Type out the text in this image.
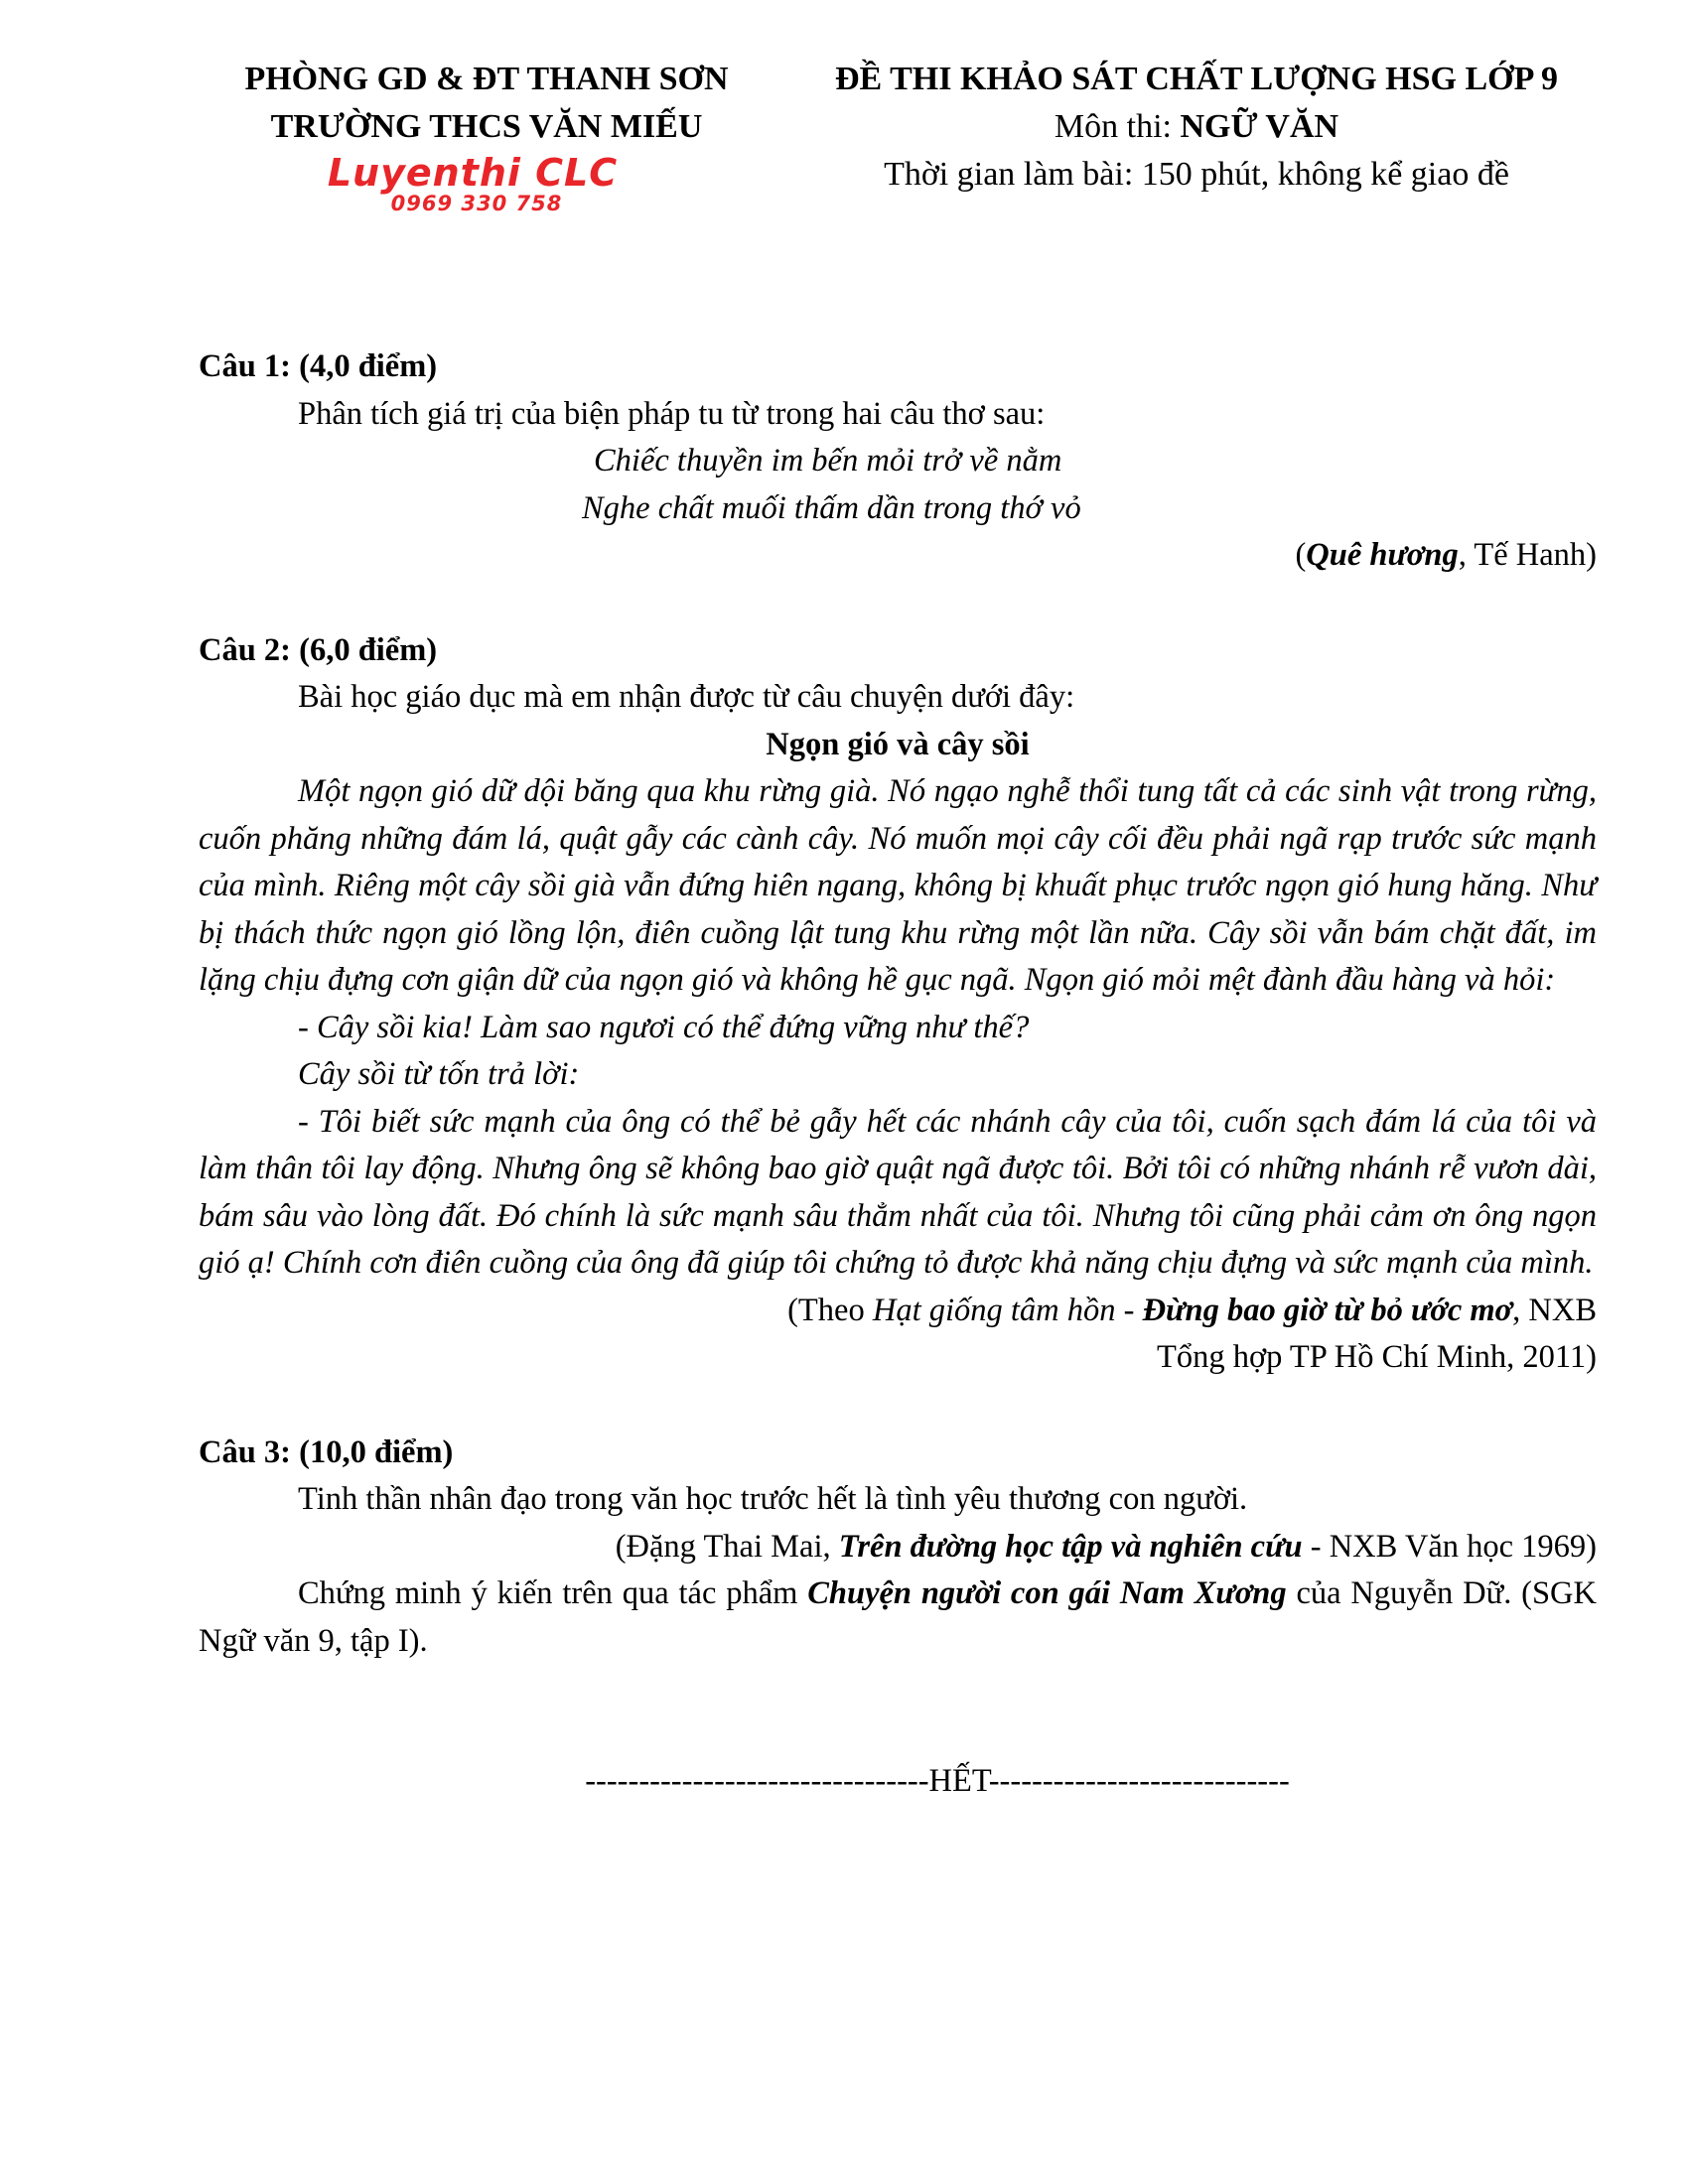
PHÒNG GD & ĐT THANH SƠN
TRƯỜNG THCS VĂN MIẾU
Luyenthi CLC
0969 330 758
ĐỀ THI KHẢO SÁT CHẤT LƯỢNG HSG LỚP 9
Môn thi: NGỮ VĂN
Thời gian làm bài: 150 phút, không kể giao đề
Câu 1: (4,0 điểm)
Phân tích giá trị của biện pháp tu từ trong hai câu thơ sau:
Chiếc thuyền im bến mỏi trở về nằm
Nghe chất muối thấm dần trong thớ vỏ
(Quê hương, Tế Hanh)
Câu 2: (6,0 điểm)
Bài học giáo dục mà em nhận được từ câu chuyện dưới đây:
Ngọn gió và cây sồi
Một ngọn gió dữ dội băng qua khu rừng già. Nó ngạo nghễ thổi tung tất cả các sinh vật trong rừng, cuốn phăng những đám lá, quật gẫy các cành cây. Nó muốn mọi cây cối đều phải ngã rạp trước sức mạnh của mình. Riêng một cây sồi già vẫn đứng hiên ngang, không bị khuất phục trước ngọn gió hung hăng. Như bị thách thức ngọn gió lồng lộn, điên cuồng lật tung khu rừng một lần nữa. Cây sồi vẫn bám chặt đất, im lặng chịu đựng cơn giận dữ của ngọn gió và không hề gục ngã. Ngọn gió mỏi mệt đành đầu hàng và hỏi:
- Cây sồi kia! Làm sao ngươi có thể đứng vững như thế?
Cây sồi từ tốn trả lời:
- Tôi biết sức mạnh của ông có thể bẻ gẫy hết các nhánh cây của tôi, cuốn sạch đám lá của tôi và làm thân tôi lay động. Nhưng ông sẽ không bao giờ quật ngã được tôi. Bởi tôi có những nhánh rễ vươn dài, bám sâu vào lòng đất. Đó chính là sức mạnh sâu thẳm nhất của tôi. Nhưng tôi cũng phải cảm ơn ông ngọn gió ạ! Chính cơn điên cuồng của ông đã giúp tôi chứng tỏ được khả năng chịu đựng và sức mạnh của mình.
(Theo Hạt giống tâm hồn - Đừng bao giờ từ bỏ ước mơ, NXB
Tổng hợp TP Hồ Chí Minh, 2011)
Câu 3: (10,0 điểm)
Tinh thần nhân đạo trong văn học trước hết là tình yêu thương con người.
(Đặng Thai Mai, Trên đường học tập và nghiên cứu - NXB Văn học 1969)
Chứng minh ý kiến trên qua tác phẩm Chuyện người con gái Nam Xương của Nguyễn Dữ. (SGK Ngữ văn 9, tập I).
--------------------------------HẾT----------------------------
